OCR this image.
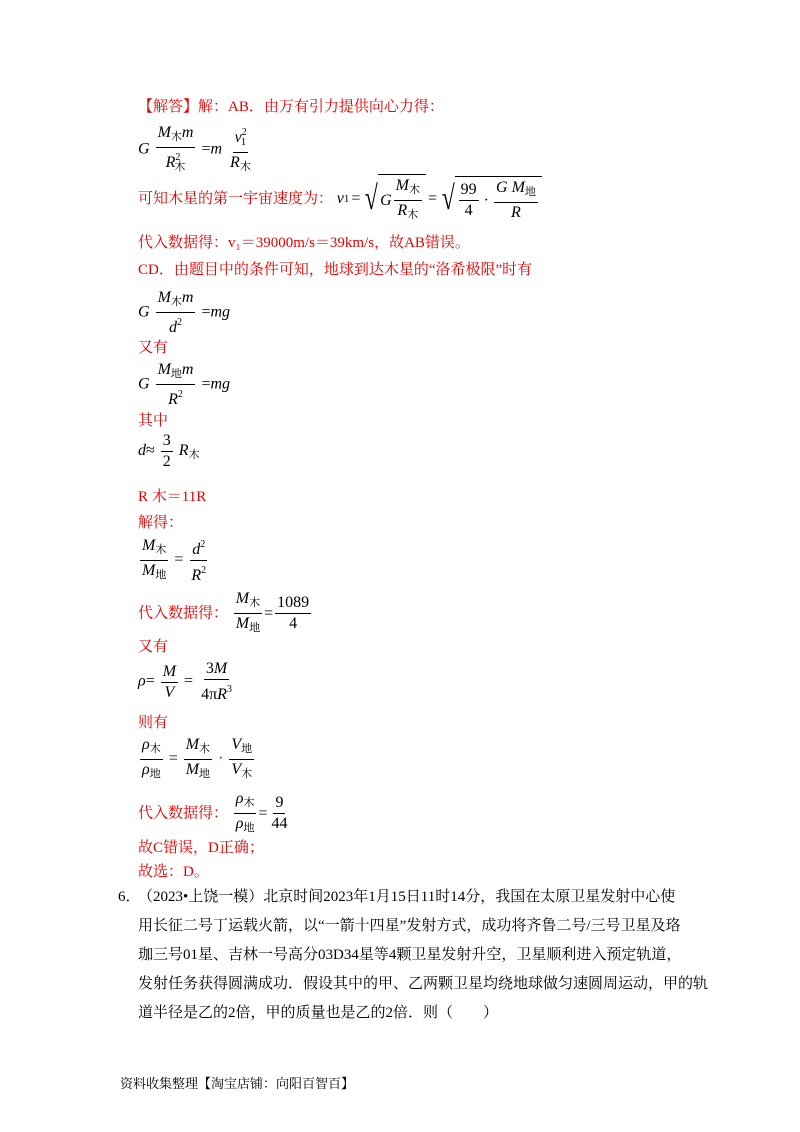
【解答】解：AB．由万有引力提供向心力得：
G $\frac{M_木m}{R^2_木} =m \frac{v^2_1}{R_木}$
可知木星的第一宇宙速度为： v 1 = √ G $\frac{M_木}{R_木}$ = √ $\frac{99}{4} \cdot \frac{G M_地}{R}$
代入数据得：v₁＝39000m/s＝39km/s，故AB错误。
CD．由题目中的条件可知，地球到达木星的“洛希极限”时有
G $\frac{M_木m}{d^2} =mg$
又有
G $\frac{M_地m}{R^2} =mg$
其中
$d\approx \frac{3}{2} R_木$
R 木＝11R
解得：
$\frac{M_木}{M_地} = \frac{d^2}{R^2}$
代入数据得： $\frac{M_木}{M_地} = \frac{1089}{4}$
又有
$\rho= \frac{M}{V} = \frac{3M}{4\pi R^3}$
则有
$\frac{\rho_木}{\rho_地} = \frac{M_木}{M_地} \cdot \frac{V_地}{V_木}$
代入数据得： $\frac{\rho_木}{\rho_地} = \frac{9}{44}$
故C错误，D正确；
故选：D。
6．（2023•上饶一模）北京时间2023年1月15日11时14分，我国在太原卫星发射中心使
用长征二号丁运载火箭，以“一箭十四星”发射方式，成功将齐鲁二号/三号卫星及珞
珈三号01星、吉林一号高分03D34星等4颗卫星发射升空，卫星顺利进入预定轨道，
发射任务获得圆满成功．假设其中的甲、乙两颗卫星均绕地球做匀速圆周运动，甲的轨
道半径是乙的2倍，甲的质量也是乙的2倍．则（　　）
资料收集整理【淘宝店铺：向阳百智百】
